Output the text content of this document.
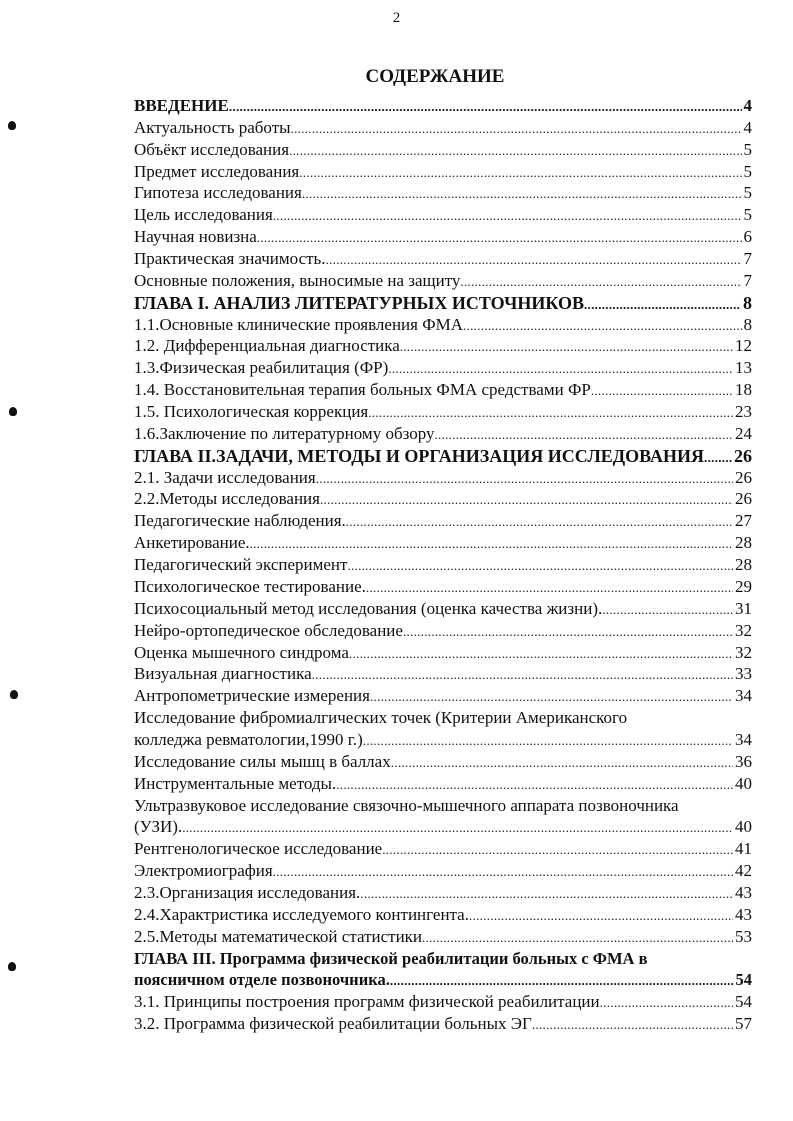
2
СОДЕРЖАНИЕ
ВВЕДЕНИЕ .....	4
Актуальность работы .....	4
Объёкт исследования .....	5
Предмет исследования .....	5
Гипотеза исследования .....	5
Цель исследования .....	5
Научная новизна .....	6
Практическая значимость. .....	7
Основные положения, выносимые на защиту .....	7
ГЛАВА I. АНАЛИЗ ЛИТЕРАТУРНЫХ ИСТОЧНИКОВ .....	8
1.1.Основные клинические проявления ФМА .....	8
1.2. Дифференциальная диагностика .....	12
1.3.Физическая реабилитация (ФР) .....	13
1.4. Восстановительная терапия больных ФМА средствами ФР .....	18
1.5. Психологическая коррекция .....	23
1.6.Заключение по литературному обзору .....	24
ГЛАВА II.ЗАДАЧИ, МЕТОДЫ И ОРГАНИЗАЦИЯ ИССЛЕДОВАНИЯ ..... 26
2.1. Задачи исследования .....	26
2.2.Методы исследования .....	26
Педагогические наблюдения. .....	27
Анкетирование. .....	28
Педагогический эксперимент .....	28
Психологическое тестирование. .....	29
Психосоциальный метод исследования (оценка качества жизни). .....	31
Нейро-ортопедическое обследование .....	32
Оценка мышечного синдрома .....	32
Визуальная диагностика .....	33
Антропометрические измерения .....	34
Исследование фибромиалгических точек (Критерии Американского
колледжа ревматологии,1990 г.) .....	34
Исследование силы мышц в баллах .....	36
Инструментальные методы. .....	40
Ультразвуковое исследование связочно-мышечного аппарата позвоночника
(УЗИ). .....	40
Рентгенологическое исследование .....	41
Электромиография .....	42
2.3.Организация исследования. .....	43
2.4.Характристика исследуемого контингента. .....	43
2.5.Методы математической статистики .....	53
ГЛАВА III. Программа физической реабилитации больных с ФМА в
поясничном отделе позвоночника. .....	54
3.1. Принципы построения программ физической реабилитации .....	54
3.2. Программа физической реабилитации больных ЭГ .....	57
